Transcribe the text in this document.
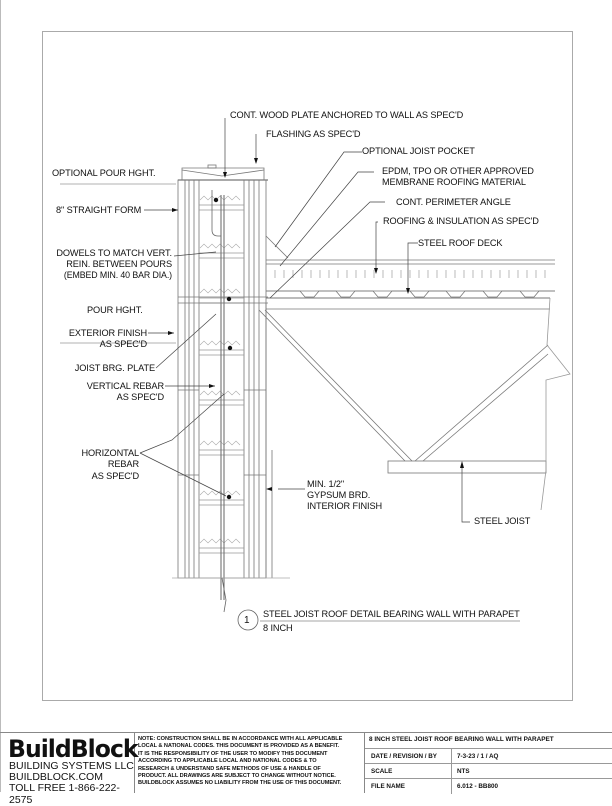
OPTIONAL POUR HGHT.
8" STRAIGHT FORM
DOWELS TO MATCH VERT.
REIN. BETWEEN POURS
(EMBED MIN. 40 BAR DIA.)
POUR HGHT.
EXTERIOR FINISH
AS SPEC'D
JOIST BRG. PLATE
VERTICAL REBAR
AS SPEC'D
HORIZONTAL
REBAR
AS SPEC'D
CONT. WOOD PLATE ANCHORED TO WALL AS SPEC'D
FLASHING AS SPEC'D
OPTIONAL JOIST POCKET
EPDM, TPO OR OTHER APPROVED
MEMBRANE ROOFING MATERIAL
CONT. PERIMETER ANGLE
ROOFING & INSULATION AS SPEC'D
STEEL ROOF DECK
MIN. 1/2"
GYPSUM BRD.
INTERIOR FINISH
STEEL JOIST
1
STEEL JOIST ROOF DETAIL BEARING WALL WITH PARAPET
8 INCH
BuildBlock
BUILDING SYSTEMS LLC
BUILDBLOCK.COM
TOLL FREE 1-866-222-2575
NOTE: CONSTRUCTION SHALL BE IN ACCORDANCE WITH ALL APPLICABLE
LOCAL & NATIONAL CODES. THIS DOCUMENT IS PROVIDED AS A BENEFIT.
IT IS THE RESPONSIBILITY OF THE USER TO MODIFY THIS DOCUMENT
ACCORDING TO APPLICABLE LOCAL AND NATIONAL CODES & TO
RESEARCH & UNDERSTAND SAFE METHODS OF USE & HANDLE OF
PRODUCT. ALL DRAWINGS ARE SUBJECT TO CHANGE WITHOUT NOTICE.
BUILDBLOCK ASSUMES NO LIABILITY FROM THE USE OF THIS DOCUMENT.
8 INCH STEEL JOIST ROOF BEARING WALL WITH PARAPET
DATE / REVISION / BY	7-3-23 / 1 / AQ
SCALE	NTS
FILE NAME	6.012 - BB800
